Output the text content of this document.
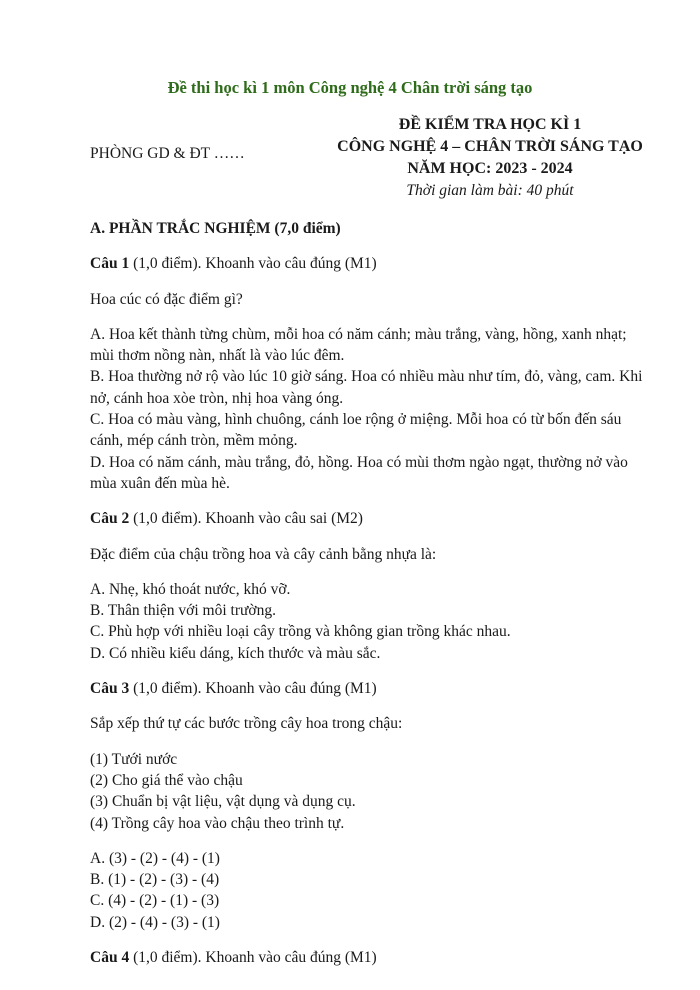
Đề thi học kì 1 môn Công nghệ 4 Chân trời sáng tạo
PHÒNG GD & ĐT ……
ĐỀ KIỂM TRA HỌC KÌ 1
CÔNG NGHỆ 4 – CHÂN TRỜI SÁNG TẠO
NĂM HỌC: 2023 - 2024
Thời gian làm bài: 40 phút

A. PHẦN TRẮC NGHIỆM (7,0 điểm)

Câu 1 (1,0 điểm). Khoanh vào câu đúng (M1)

Hoa cúc có đặc điểm gì?

A. Hoa kết thành từng chùm, mỗi hoa có năm cánh; màu trắng, vàng, hồng, xanh nhạt; mùi thơm nồng nàn, nhất là vào lúc đêm.

B. Hoa thường nở rộ vào lúc 10 giờ sáng. Hoa có nhiều màu như tím, đỏ, vàng, cam. Khi nở, cánh hoa xòe tròn, nhị hoa vàng óng.

C. Hoa có màu vàng, hình chuông, cánh loe rộng ở miệng. Mỗi hoa có từ bốn đến sáu cánh, mép cánh tròn, mềm mỏng.

D. Hoa có năm cánh, màu trắng, đỏ, hồng. Hoa có mùi thơm ngào ngạt, thường nở vào mùa xuân đến mùa hè.

Câu 2 (1,0 điểm). Khoanh vào câu sai (M2)

Đặc điểm của chậu trồng hoa và cây cảnh bằng nhựa là:

A. Nhẹ, khó thoát nước, khó vỡ.

B. Thân thiện với môi trường.

C. Phù hợp với nhiều loại cây trồng và không gian trồng khác nhau.

D. Có nhiều kiểu dáng, kích thước và màu sắc.

Câu 3 (1,0 điểm). Khoanh vào câu đúng (M1)

Sắp xếp thứ tự các bước trồng cây hoa trong chậu:

(1) Tưới nước

(2) Cho giá thể vào chậu

(3) Chuẩn bị vật liệu, vật dụng và dụng cụ.

(4) Trồng cây hoa vào chậu theo trình tự.

A. (3) - (2) - (4) - (1)

B. (1) - (2) - (3) - (4)

C. (4) - (2) - (1) - (3)

D. (2) - (4) - (3) - (1)

Câu 4 (1,0 điểm). Khoanh vào câu đúng (M1)
